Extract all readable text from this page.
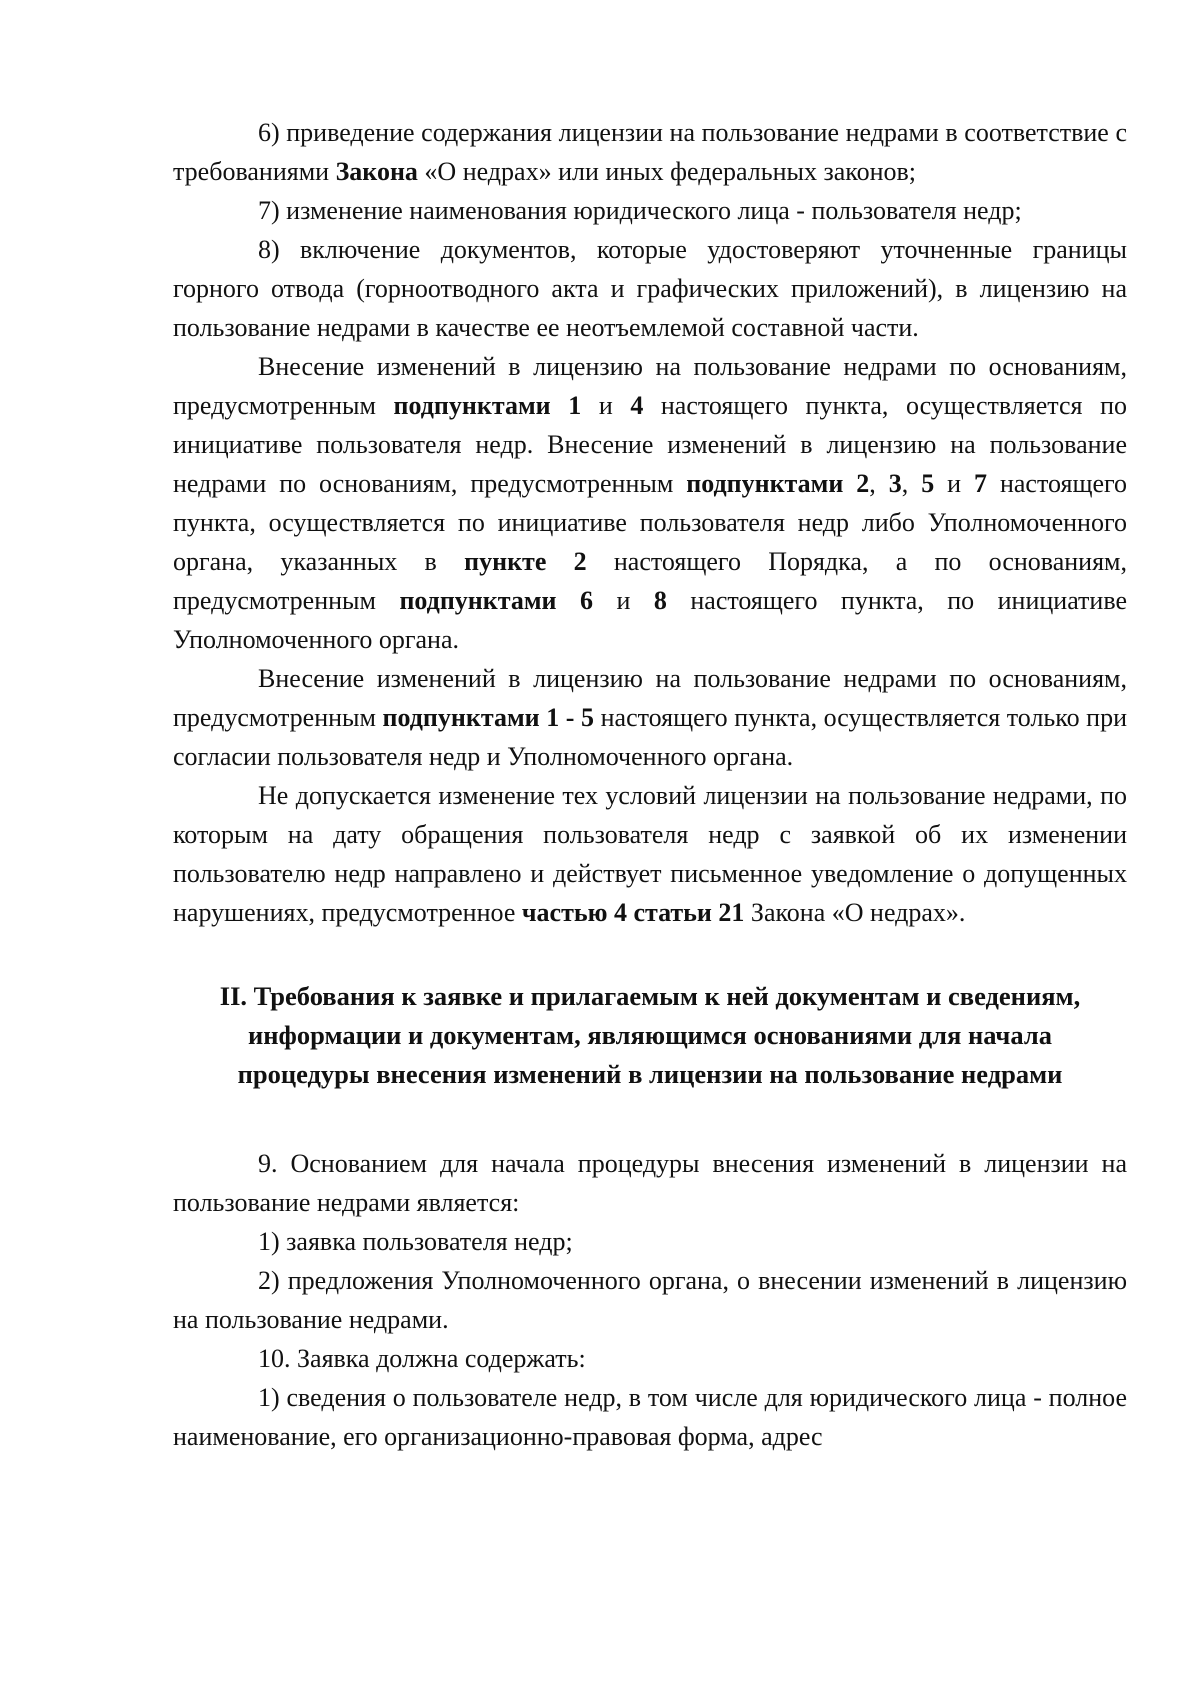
6) приведение содержания лицензии на пользование недрами в соответствие с требованиями Закона «О недрах» или иных федеральных законов;

7) изменение наименования юридического лица - пользователя недр;

8) включение документов, которые удостоверяют уточненные границы горного отвода (горноотводного акта и графических приложений), в лицензию на пользование недрами в качестве ее неотъемлемой составной части.

Внесение изменений в лицензию на пользование недрами по основаниям, предусмотренным подпунктами 1 и 4 настоящего пункта, осуществляется по инициативе пользователя недр. Внесение изменений в лицензию на пользование недрами по основаниям, предусмотренным подпунктами 2, 3, 5 и 7 настоящего пункта, осуществляется по инициативе пользователя недр либо Уполномоченного органа, указанных в пункте 2 настоящего Порядка, а по основаниям, предусмотренным подпунктами 6 и 8 настоящего пункта, по инициативе Уполномоченного органа.

Внесение изменений в лицензию на пользование недрами по основаниям, предусмотренным подпунктами 1 - 5 настоящего пункта, осуществляется только при согласии пользователя недр и Уполномоченного органа.

Не допускается изменение тех условий лицензии на пользование недрами, по которым на дату обращения пользователя недр с заявкой об их изменении пользователю недр направлено и действует письменное уведомление о допущенных нарушениях, предусмотренное частью 4 статьи 21 Закона «О недрах».

II. Требования к заявке и прилагаемым к ней документам и сведениям,
информации и документам, являющимся основаниями для начала
процедуры внесения изменений в лицензии на пользование недрами

9. Основанием для начала процедуры внесения изменений в лицензии на пользование недрами является:

1) заявка пользователя недр;

2) предложения Уполномоченного органа, о внесении изменений в лицензию на пользование недрами.

10. Заявка должна содержать:

1) сведения о пользователе недр, в том числе для юридического лица - полное наименование, его организационно-правовая форма, адрес
